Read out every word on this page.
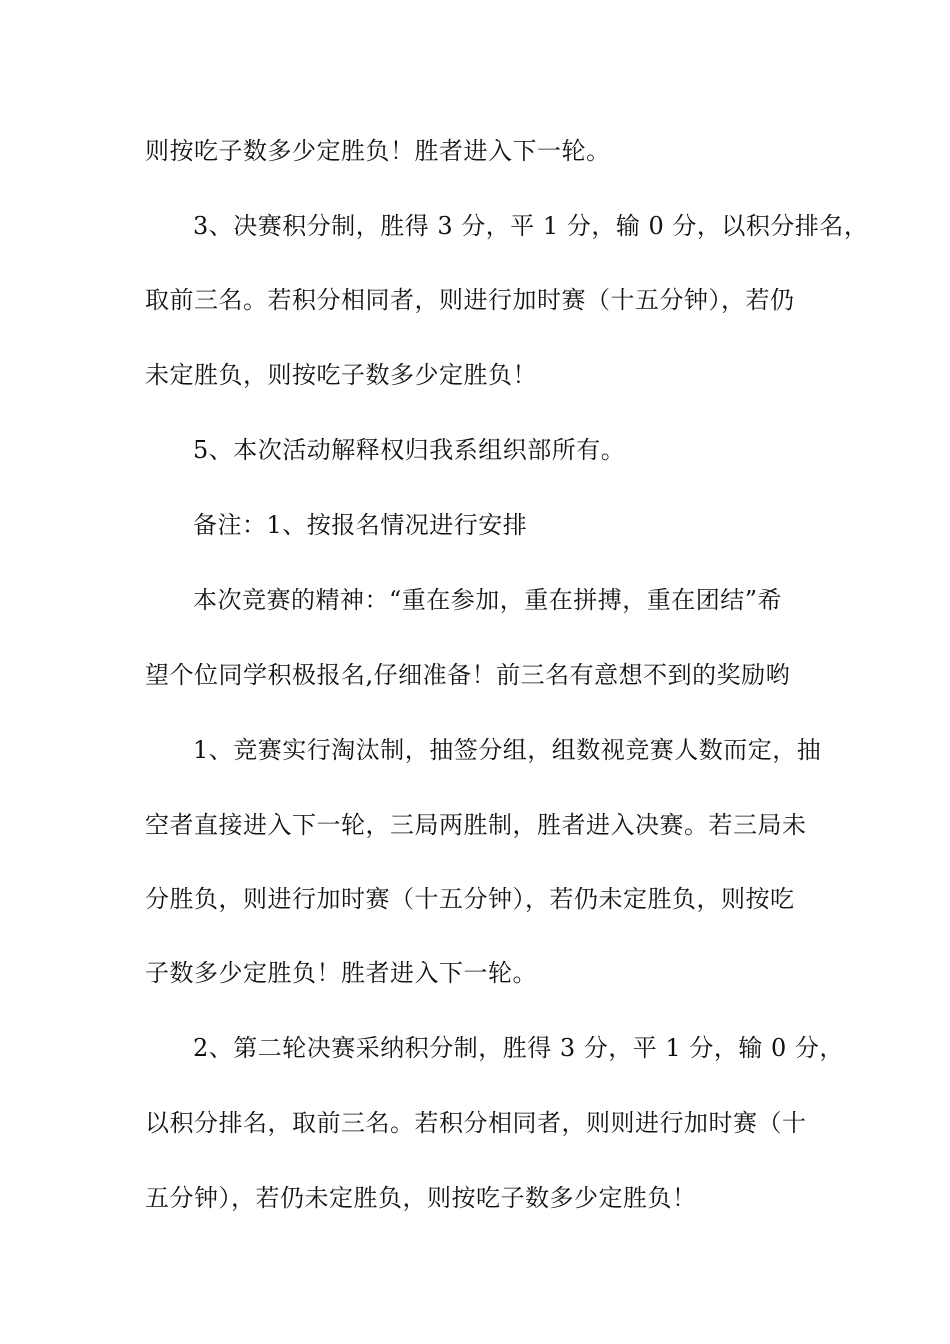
则按吃子数多少定胜负！胜者进入下一轮。
3、决赛积分制，胜得 3 分，平 1 分，输 0 分，以积分排名，
取前三名。若积分相同者，则进行加时赛（十五分钟），若仍
未定胜负，则按吃子数多少定胜负！
5、本次活动解释权归我系组织部所有。
备注：1、按报名情况进行安排
本次竞赛的精神：“重在参加，重在拼搏，重在团结”希
望个位同学积极报名,仔细准备！前三名有意想不到的奖励哟
1、竞赛实行淘汰制，抽签分组，组数视竞赛人数而定，抽
空者直接进入下一轮，三局两胜制，胜者进入决赛。若三局未
分胜负，则进行加时赛（十五分钟），若仍未定胜负，则按吃
子数多少定胜负！胜者进入下一轮。
2、第二轮决赛采纳积分制，胜得 3 分，平 1 分，输 0 分，
以积分排名，取前三名。若积分相同者，则则进行加时赛（十
五分钟），若仍未定胜负，则按吃子数多少定胜负！
